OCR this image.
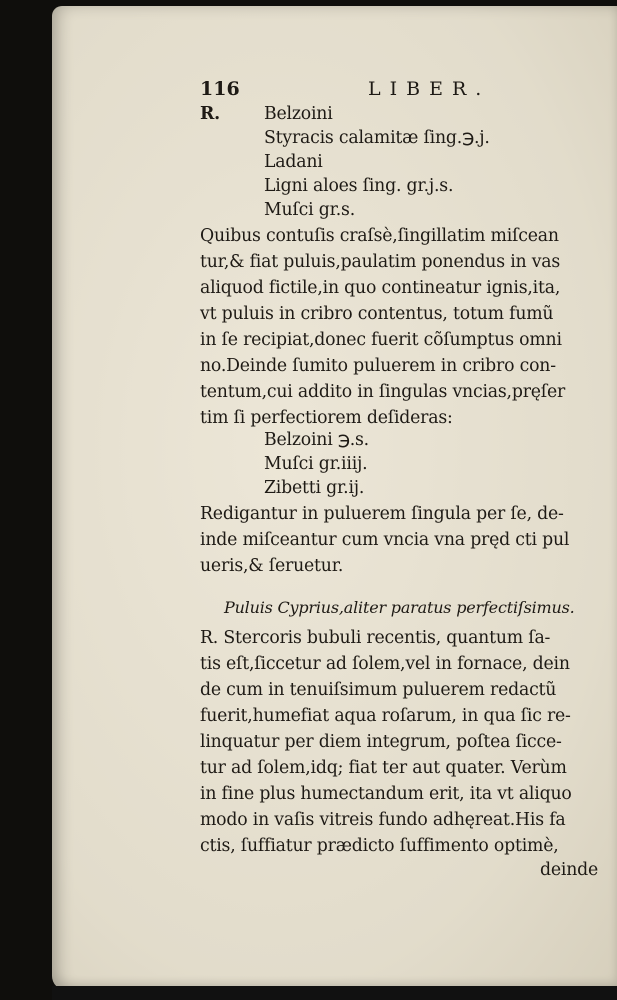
116	LIBER.
R.	Belzoini
Styracis calamitæ ſing.℈.j.
Ladani
Ligni aloes ſing. gr.j.s.
Muſci gr.s.
Quibus contuſis craſsè,ſingillatim miſcean
tur,& fiat puluis,paulatim ponendus in vas
aliquod fictile,in quo contineatur ignis,ita,
vt puluis in cribro contentus, totum fumũ
in ſe recipiat,donec fuerit cõſumptus omni
no.Deinde ſumito puluerem in cribro con-
tentum,cui addito in ſingulas vncias,pręſer
tim ſi perfectiorem deſideras:
Belzoini ℈.s.
Muſci gr.iiij.
Zibetti gr.ij.
Redigantur in puluerem ſingula per ſe, de-
inde miſceantur cum vncia vna pręd cti pul
ueris,& ſeruetur.
Puluis Cyprius,aliter paratus perfectiſsimus.
R. Stercoris bubuli recentis, quantum ſa-
tis eſt,ſiccetur ad ſolem,vel in fornace, dein
de cum in tenuiſsimum puluerem redactũ
fuerit,humefiat aqua roſarum, in qua ſic re-
linquatur per diem integrum, poſtea ſicce-
tur ad ſolem,idq; fiat ter aut quater. Verùm
in fine plus humectandum erit, ita vt aliquo
modo in vaſis vitreis fundo adhęreat.His fa
ctis, ſuffiatur prædicto ſuffimento optimè,
deinde
